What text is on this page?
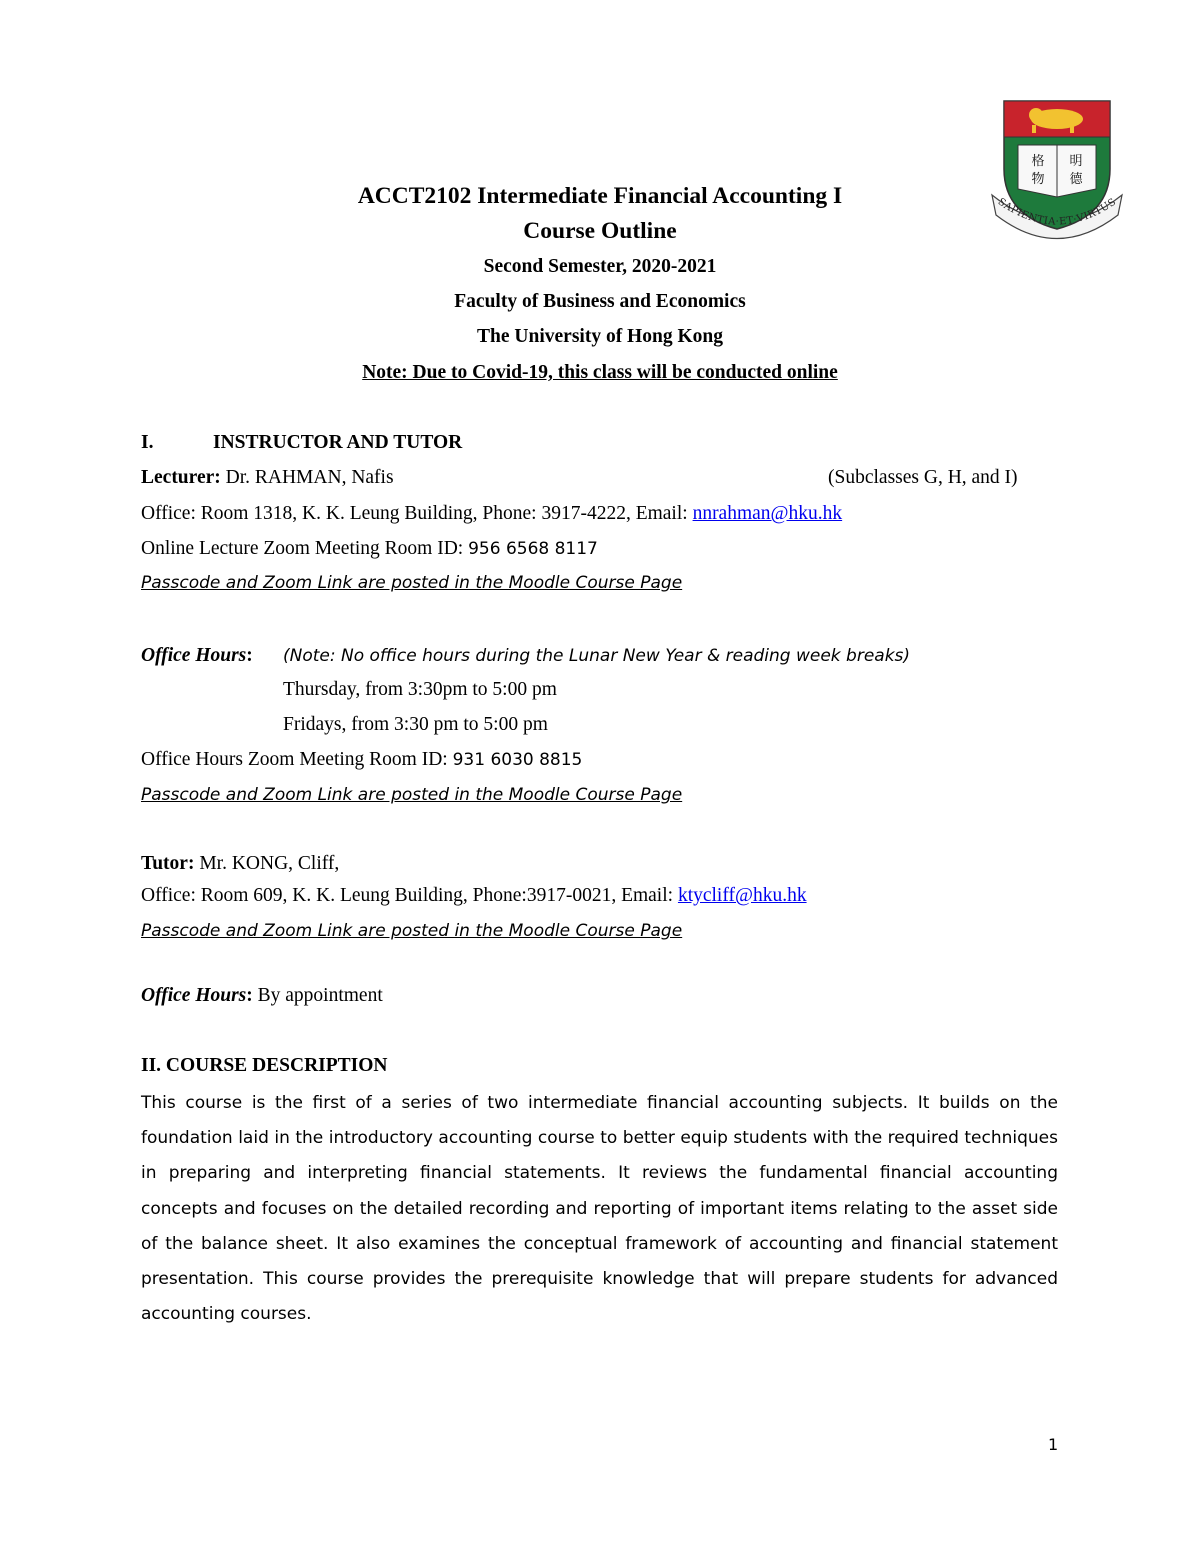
格 明
物 德
SAPIENTIA·ET·VIRTUS
ACCT2102 Intermediate Financial Accounting I
Course Outline
Second Semester, 2020-2021
Faculty of Business and Economics
The University of Hong Kong
Note: Due to Covid-19, this class will be conducted online
I.	INSTRUCTOR AND TUTOR
Lecturer: Dr. RAHMAN, Nafis	(Subclasses G, H, and I)
Office: Room 1318, K. K. Leung Building, Phone: 3917-4222, Email: nnrahman@hku.hk
Online Lecture Zoom Meeting Room ID: 956 6568 8117
Passcode and Zoom Link are posted in the Moodle Course Page
Office Hours: (Note: No office hours during the Lunar New Year & reading week breaks)
Thursday, from 3:30pm to 5:00 pm
Fridays, from 3:30 pm to 5:00 pm
Office Hours Zoom Meeting Room ID: 931 6030 8815
Passcode and Zoom Link are posted in the Moodle Course Page
Tutor: Mr. KONG, Cliff,
Office: Room 609, K. K. Leung Building, Phone:3917-0021, Email: ktycliff@hku.hk
Passcode and Zoom Link are posted in the Moodle Course Page
Office Hours: By appointment
II. COURSE DESCRIPTION
This course is the first of a series of two intermediate financial accounting subjects. It builds on the foundation laid in the introductory accounting course to better equip students with the required techniques in preparing and interpreting financial statements. It reviews the fundamental financial accounting concepts and focuses on the detailed recording and reporting of important items relating to the asset side of the balance sheet. It also examines the conceptual framework of accounting and financial statement presentation. This course provides the prerequisite knowledge that will prepare students for advanced accounting courses.
1
